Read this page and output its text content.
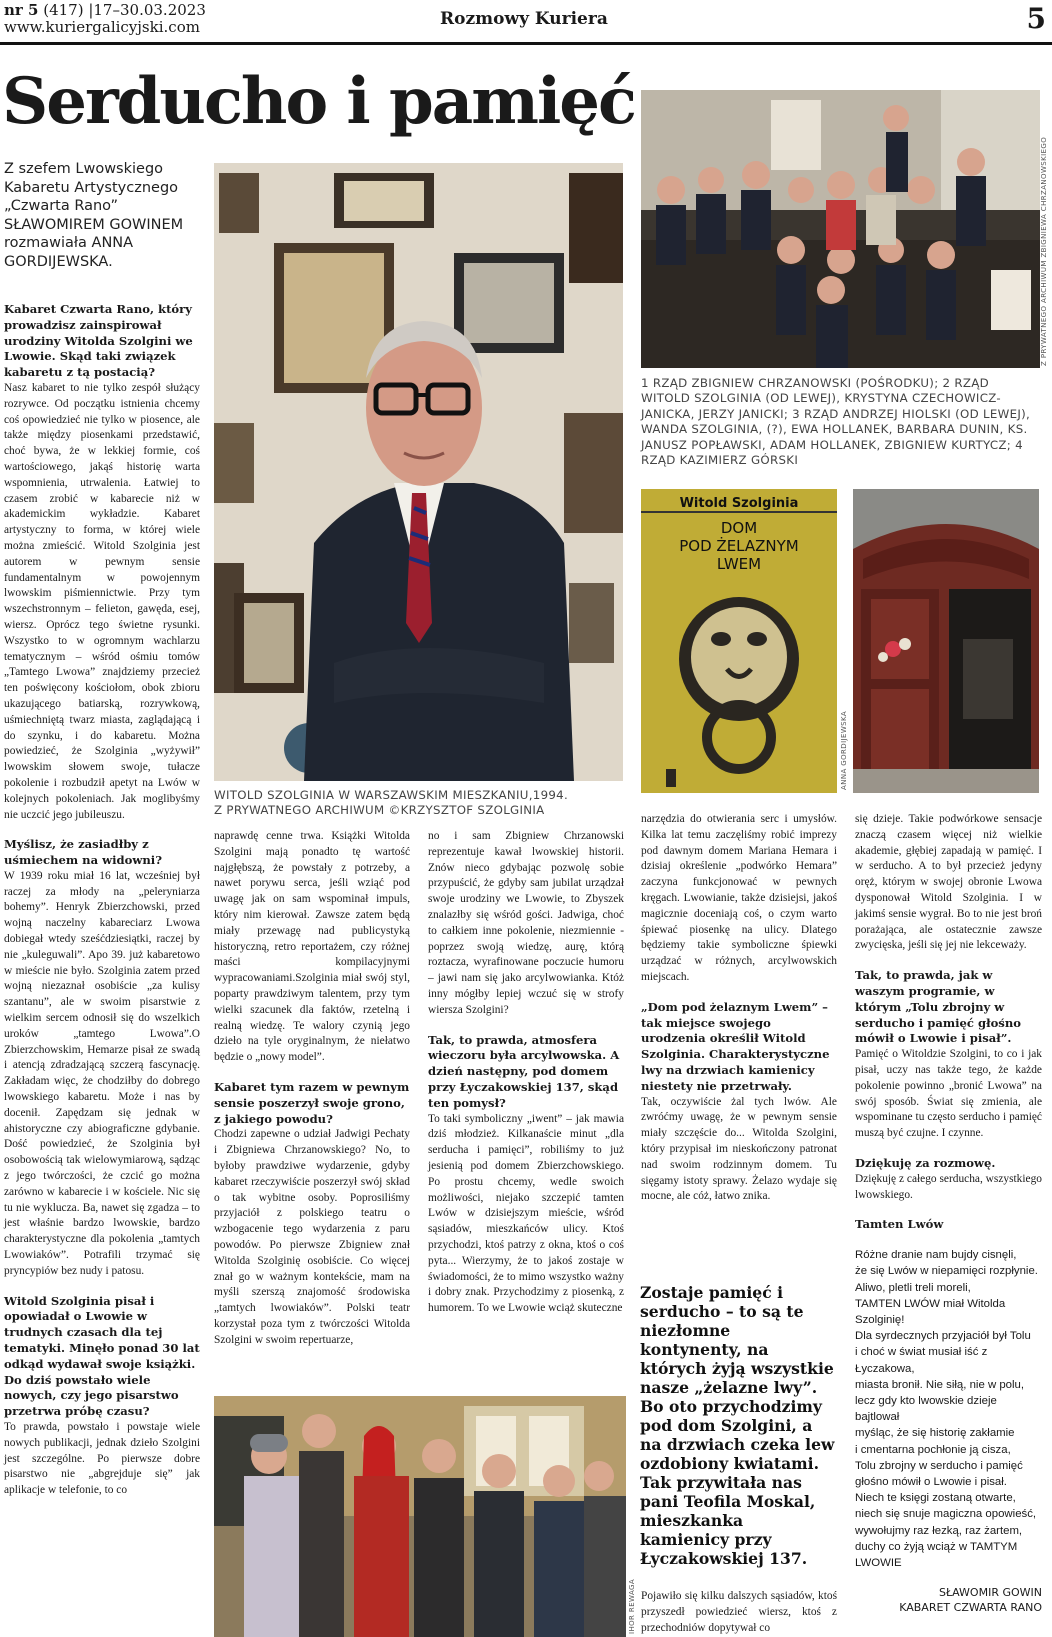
nr 5 (417) |17–30.03.2023
www.kuriergalicyjski.com	Rozmowy Kuriera	5
Serducho i pamięć
Z szefem Lwowskiego Kabaretu Artystycznego „Czwarta Rano” SŁAWOMIREM GOWINEM rozmawiała ANNA GORDIJEWSKA.
WITOLD SZOLGINIA W WARSZAWSKIM MIESZKANIU,1994.
Z PRYWATNEGO ARCHIWUM ©KRZYSZTOF SZOLGINIA
Z PRYWATNEGO ARCHIWUM ZBIGNIEWA CHRZANOWSKIEGO
1 RZĄD ZBIGNIEW CHRZANOWSKI (POŚRODKU); 2 RZĄD WITOLD SZOLGINIA (OD LEWEJ), KRYSTYNA CZECHOWICZ-JANICKA, JERZY JANICKI; 3 RZĄD ANDRZEJ HIOLSKI (OD LEWEJ), WANDA SZOLGINIA, (?), EWA HOLLANEK, BARBARA DUNIN, KS. JANUSZ POPŁAWSKI, ADAM HOLLANEK, ZBIGNIEW KURTYCZ; 4 RZĄD KAZIMIERZ GÓRSKI
Witold Szolginia
DOM
POD ŻELAZNYM
LWEM
ANNA GORDIJEWSKA
IHOR REWAGA

Kabaret Czwarta Rano, który prowadzisz zainspirował urodziny Witolda Szolgini we Lwowie. Skąd taki związek kabaretu z tą postacią?

Nasz kabaret to nie tylko zespół służący rozrywce. Od początku istnienia chcemy coś opowiedzieć nie tylko w piosence, ale także między piosenkami przedstawić, choć bywa, że w lekkiej formie, coś wartościowego, jakąś historię warta wspomnienia, utrwalenia. Łatwiej to czasem zrobić w kabarecie niż w akademickim wykładzie. Kabaret artystyczny to forma, w której wiele można zmieścić. Witold Szolginia jest autorem w pewnym sensie fundamentalnym w powojennym lwowskim piśmiennictwie. Przy tym wszechstronnym – felieton, gawęda, esej, wiersz. Oprócz tego świetne rysunki. Wszystko to w ogromnym wachlarzu tematycznym – wśród ośmiu tomów „Tamtego Lwowa” znajdziemy przecież ten poświęcony kościołom, obok zbioru ukazującego batiarską, rozrywkową, uśmiechniętą twarz miasta, zaglądającą i do szynku, i do kabaretu. Można powiedzieć, że Szolginia „wyżywił” lwowskim słowem swoje, tułacze pokolenie i rozbudził apetyt na Lwów w kolejnych pokoleniach. Jak moglibyśmy nie uczcić jego jubileuszu.

Myślisz, że zasiadłby z uśmiechem na widowni?

W 1939 roku miał 16 lat, wcześniej był raczej za młody na „peleryniarza bohemy”. Henryk Zbierzchowski, przed wojną naczelny kabareciarz Lwowa dobiegał wtedy sześćdziesiątki, raczej by nie „kuleguwali”. Apo 39. już kabaretowo w mieście nie było. Szolginia zatem przed wojną niezaznał osobiście „za kulisy szantanu”, ale w swoim pisarstwie z wielkim sercem odnosił się do wszelkich uroków „tamtego Lwowa”.O Zbierzchowskim, Hemarze pisał ze swadą i atencją zdradzającą szczerą fascynację. Zakładam więc, że chodziłby do dobrego lwowskiego kabaretu. Może i nas by docenił. Zapędzam się jednak w ahistoryczne czy abiograficzne gdybanie. Dość powiedzieć, że Szolginia był osobowością tak wielowymiarową, sądząc z jego twórczości, że czcić go można zarówno w kabarecie i w kościele. Nic się tu nie wyklucza. Ba, nawet się zgadza – to jest właśnie bardzo lwowskie, bardzo charakterystyczne dla pokolenia „tamtych Lwowiaków”. Potrafili trzymać się pryncypiów bez nudy i patosu.

Witold Szolginia pisał i opowiadał o Lwowie w trudnych czasach dla tej tematyki. Minęło ponad 30 lat odkąd wydawał swoje książki. Do dziś powstało wiele nowych, czy jego pisarstwo przetrwa próbę czasu?

To prawda, powstało i powstaje wiele nowych publikacji, jednak dzieło Szolgini jest szczególne. Po pierwsze dobre pisarstwo nie „abgrejduje się” jak aplikacje w telefonie, to co

naprawdę cenne trwa. Książki Witolda Szolgini mają ponadto tę wartość najgłębszą, że powstały z potrzeby, a nawet porywu serca, jeśli wziąć pod uwagę jak on sam wspominał impuls, który nim kierował. Zawsze zatem będą miały przewagę nad publicystyką historyczną, retro reportażem, czy różnej maści kompilacyjnymi wypracowaniami.Szolginia miał swój styl, poparty prawdziwym talentem, przy tym wielki szacunek dla faktów, rzetelną i realną wiedzę. Te walory czynią jego dzieło na tyle oryginalnym, że niełatwo będzie o „nowy model”.

Kabaret tym razem w pewnym sensie poszerzył swoje grono, z jakiego powodu?

Chodzi zapewne o udział Jadwigi Pechaty i Zbigniewa Chrzanowskiego? No, to byłoby prawdziwe wydarzenie, gdyby kabaret rzeczywiście poszerzył swój skład o tak wybitne osoby. Poprosiliśmy przyjaciół z polskiego teatru o wzbogacenie tego wydarzenia z paru powodów. Po pierwsze Zbigniew znał Witolda Szolginię osobiście. Co więcej znał go w ważnym kontekście, mam na myśli szerszą znajomość środowiska „tamtych lwowiaków”. Polski teatr korzystał poza tym z twórczości Witolda Szolgini w swoim repertuarze,

no i sam Zbigniew Chrzanowski reprezentuje kawał lwowskiej historii. Znów nieco gdybając pozwolę sobie przypuścić, że gdyby sam jubilat urządzał swoje urodziny we Lwowie, to Zbyszek znalazłby się wśród gości. Jadwiga, choć to całkiem inne pokolenie, niezmiennie - poprzez swoją wiedzę, aurę, którą roztacza, wyrafinowane poczucie humoru – jawi nam się jako arcylwowianka. Któż inny mógłby lepiej wczuć się w strofy wiersza Szolgini?

Tak, to prawda, atmosfera wieczoru była arcylwowska. A dzień następny, pod domem przy Łyczakowskiej 137, skąd ten pomysł?

To taki symboliczny „iwent” – jak mawia dziś młodzież. Kilkanaście minut „dla serducha i pamięci”, robiliśmy to już jesienią pod domem Zbierzchowskiego. Po prostu chcemy, wedle swoich możliwości, niejako szczepić tamten Lwów w dzisiejszym mieście, wśród sąsiadów, mieszkańców ulicy. Ktoś przychodzi, ktoś patrzy z okna, ktoś o coś pyta... Wierzymy, że to jakoś zostaje w świadomości, że to mimo wszystko ważny i dobry znak. Przychodzimy z piosenką, z humorem. To we Lwowie wciąż skuteczne

narzędzia do otwierania serc i umysłów. Kilka lat temu zaczęliśmy robić imprezy pod dawnym domem Mariana Hemara i dzisiaj określenie „podwórko Hemara” zaczyna funkcjonować w pewnych kręgach. Lwowianie, także dzisiejsi, jakoś magicznie doceniają coś, o czym warto śpiewać piosenkę na ulicy. Dlatego będziemy takie symboliczne śpiewki urządzać w różnych, arcylwowskich miejscach.

„Dom pod żelaznym Lwem” – tak miejsce swojego urodzenia określił Witold Szolginia. Charakterystyczne lwy na drzwiach kamienicy niestety nie przetrwały.

Tak, oczywiście żal tych lwów. Ale zwróćmy uwagę, że w pewnym sensie miały szczęście do... Witolda Szolgini, który przypisał im nieskończony patronat nad swoim rodzinnym domem. Tu sięgamy istoty sprawy. Żelazo wydaje się mocne, ale cóż, łatwo znika.

Zostaje pamięć i serducho – to są te niezłomne kontynenty, na których żyją wszystkie nasze „żelazne lwy”. Bo oto przychodzimy pod dom Szolgini, a na drzwiach czeka lew ozdobiony kwiatami. Tak przywitała nas pani Teofila Moskal, mieszkanka kamienicy przy Łyczakowskiej 137.

Pojawiło się kilku dalszych sąsiadów, ktoś przyszedł powiedzieć wiersz, ktoś z przechodniów dopytywał co

się dzieje. Takie podwórkowe sensacje znaczą czasem więcej niż wielkie akademie, głębiej zapadają w pamięć. I w serducho. A to był przecież jedyny oręż, którym w swojej obronie Lwowa dysponował Witold Szolginia. I w jakimś sensie wygrał. Bo to nie jest broń porażająca, ale ostatecznie zawsze zwycięska, jeśli się jej nie lekceważy.

Tak, to prawda, jak w waszym programie, w którym „Tolu zbrojny w serducho i pamięć głośno mówił o Lwowie i pisał”.

Pamięć o Witoldzie Szolgini, to co i jak pisał, uczy nas także tego, że każde pokolenie powinno „bronić Lwowa” na swój sposób. Świat się zmienia, ale wspominane tu często serducho i pamięć muszą być czujne. I czynne.

Dziękuję za rozmowę.

Dziękuję z całego serducha, wszystkiego lwowskiego.

Tamten Lwów

Różne dranie nam bujdy cisnęli,
że się Lwów w niepamięci rozpłynie.
Aliwo, pletli treli moreli,
TAMTEN LWÓW miał Witolda Szolginię!
Dla syrdecznych przyjaciół był Tolu
i choć w świat musiał iść z Łyczakowa,
miasta bronił. Nie siłą, nie w polu,
lecz gdy kto lwowskie dzieje bajtlował
myśląc, że się historię zakłamie
i cmentarna pochłonie ją cisza,
Tolu zbrojny w serducho i pamięć
głośno mówił o Lwowie i pisał.
Niech te księgi zostaną otwarte,
niech się snuje magiczna opowieść,
wywołujmy raz łezką, raz żartem,
duchy co żyją wciąż w TAMTYM LWOWIE
SŁAWOMIR GOWIN
KABARET CZWARTA RANO
